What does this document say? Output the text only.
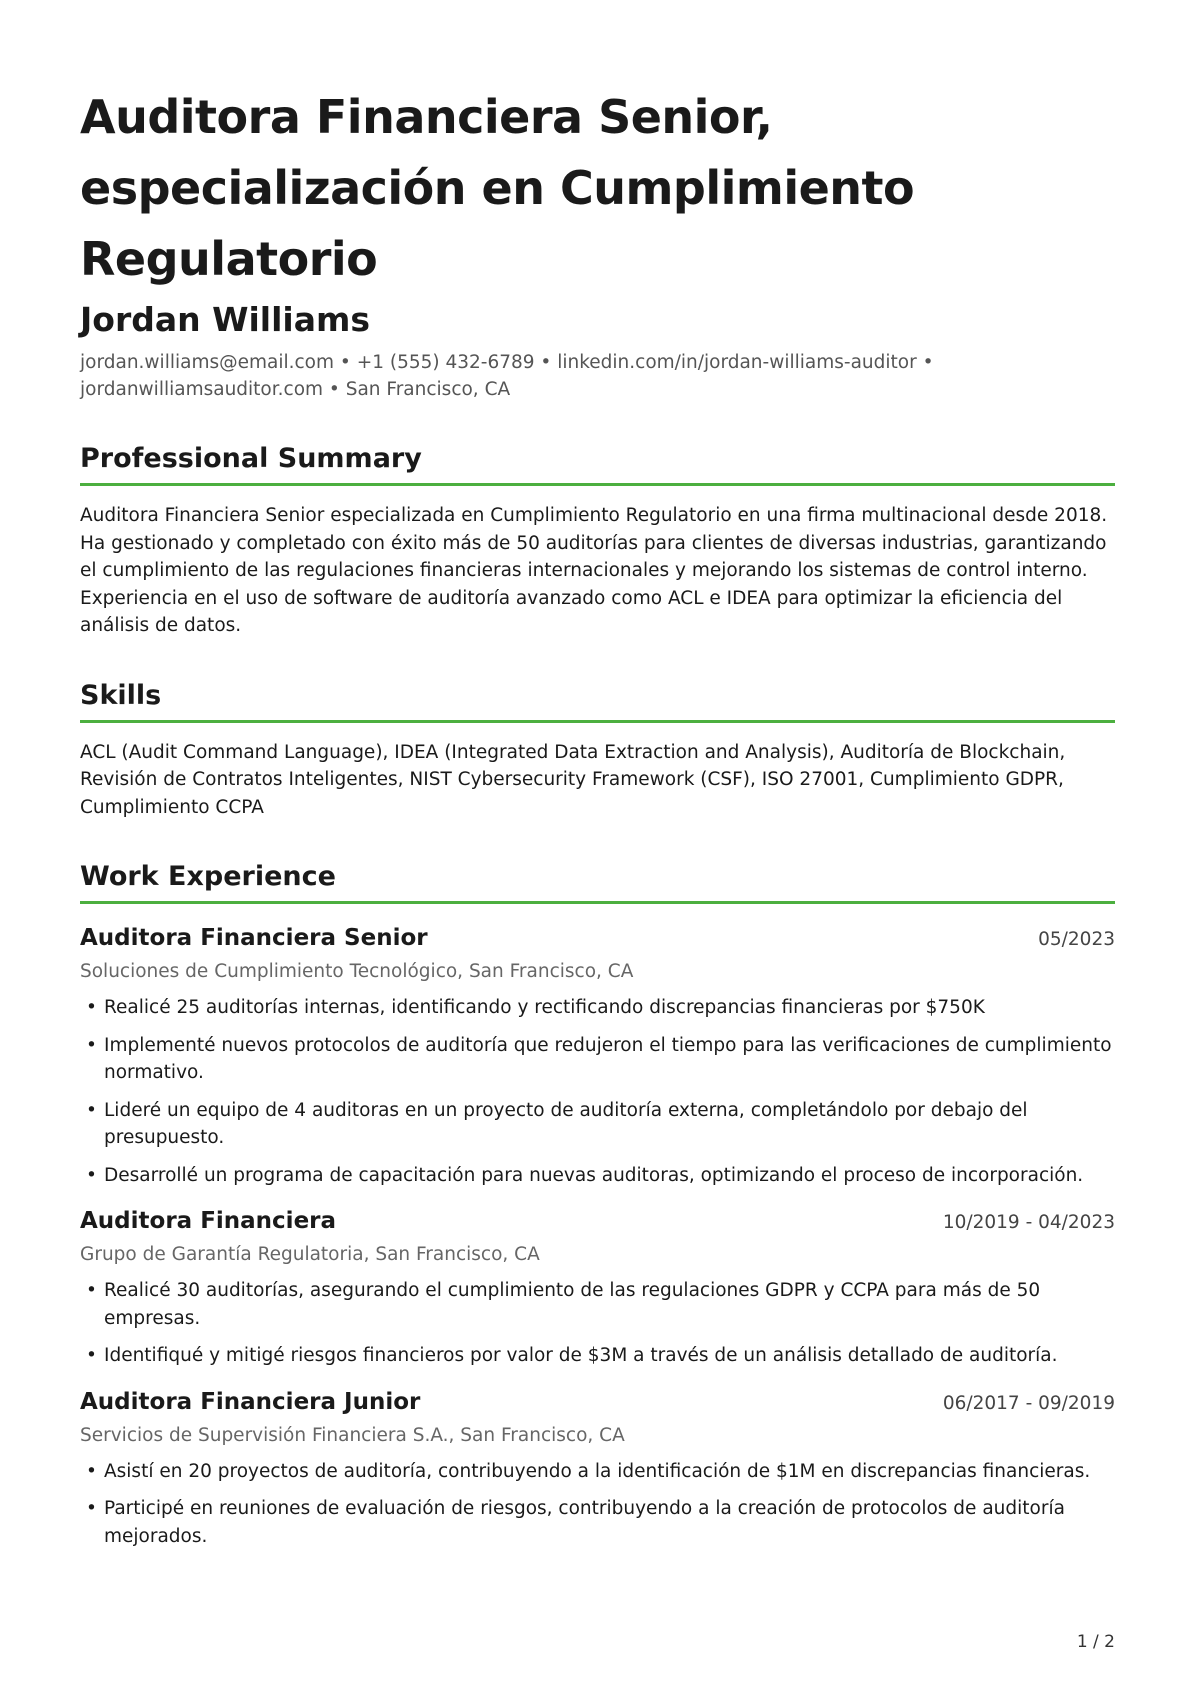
Auditora Financiera Senior, especialización en Cumplimiento Regulatorio
Jordan Williams
jordan.williams@email.com • +1 (555) 432-6789 • linkedin.com/in/jordan-williams-auditor • jordanwilliamsauditor.com • San Francisco, CA
Professional Summary
Auditora Financiera Senior especializada en Cumplimiento Regulatorio en una firma multinacional desde 2018. Ha gestionado y completado con éxito más de 50 auditorías para clientes de diversas industrias, garantizando el cumplimiento de las regulaciones financieras internacionales y mejorando los sistemas de control interno. Experiencia en el uso de software de auditoría avanzado como ACL e IDEA para optimizar la eficiencia del análisis de datos.
Skills
ACL (Audit Command Language), IDEA (Integrated Data Extraction and Analysis), Auditoría de Blockchain, Revisión de Contratos Inteligentes, NIST Cybersecurity Framework (CSF), ISO 27001, Cumplimiento GDPR, Cumplimiento CCPA
Work Experience
Auditora Financiera Senior	05/2023
Soluciones de Cumplimiento Tecnológico, San Francisco, CA
• Realicé 25 auditorías internas, identificando y rectificando discrepancias financieras por $750K
• Implementé nuevos protocolos de auditoría que redujeron el tiempo para las verificaciones de cumplimiento normativo.
• Lideré un equipo de 4 auditoras en un proyecto de auditoría externa, completándolo por debajo del presupuesto.
• Desarrollé un programa de capacitación para nuevas auditoras, optimizando el proceso de incorporación.
Auditora Financiera	10/2019 - 04/2023
Grupo de Garantía Regulatoria, San Francisco, CA
• Realicé 30 auditorías, asegurando el cumplimiento de las regulaciones GDPR y CCPA para más de 50 empresas.
• Identifiqué y mitigé riesgos financieros por valor de $3M a través de un análisis detallado de auditoría.
Auditora Financiera Junior	06/2017 - 09/2019
Servicios de Supervisión Financiera S.A., San Francisco, CA
• Asistí en 20 proyectos de auditoría, contribuyendo a la identificación de $1M en discrepancias financieras.
• Participé en reuniones de evaluación de riesgos, contribuyendo a la creación de protocolos de auditoría mejorados.
1 / 2
